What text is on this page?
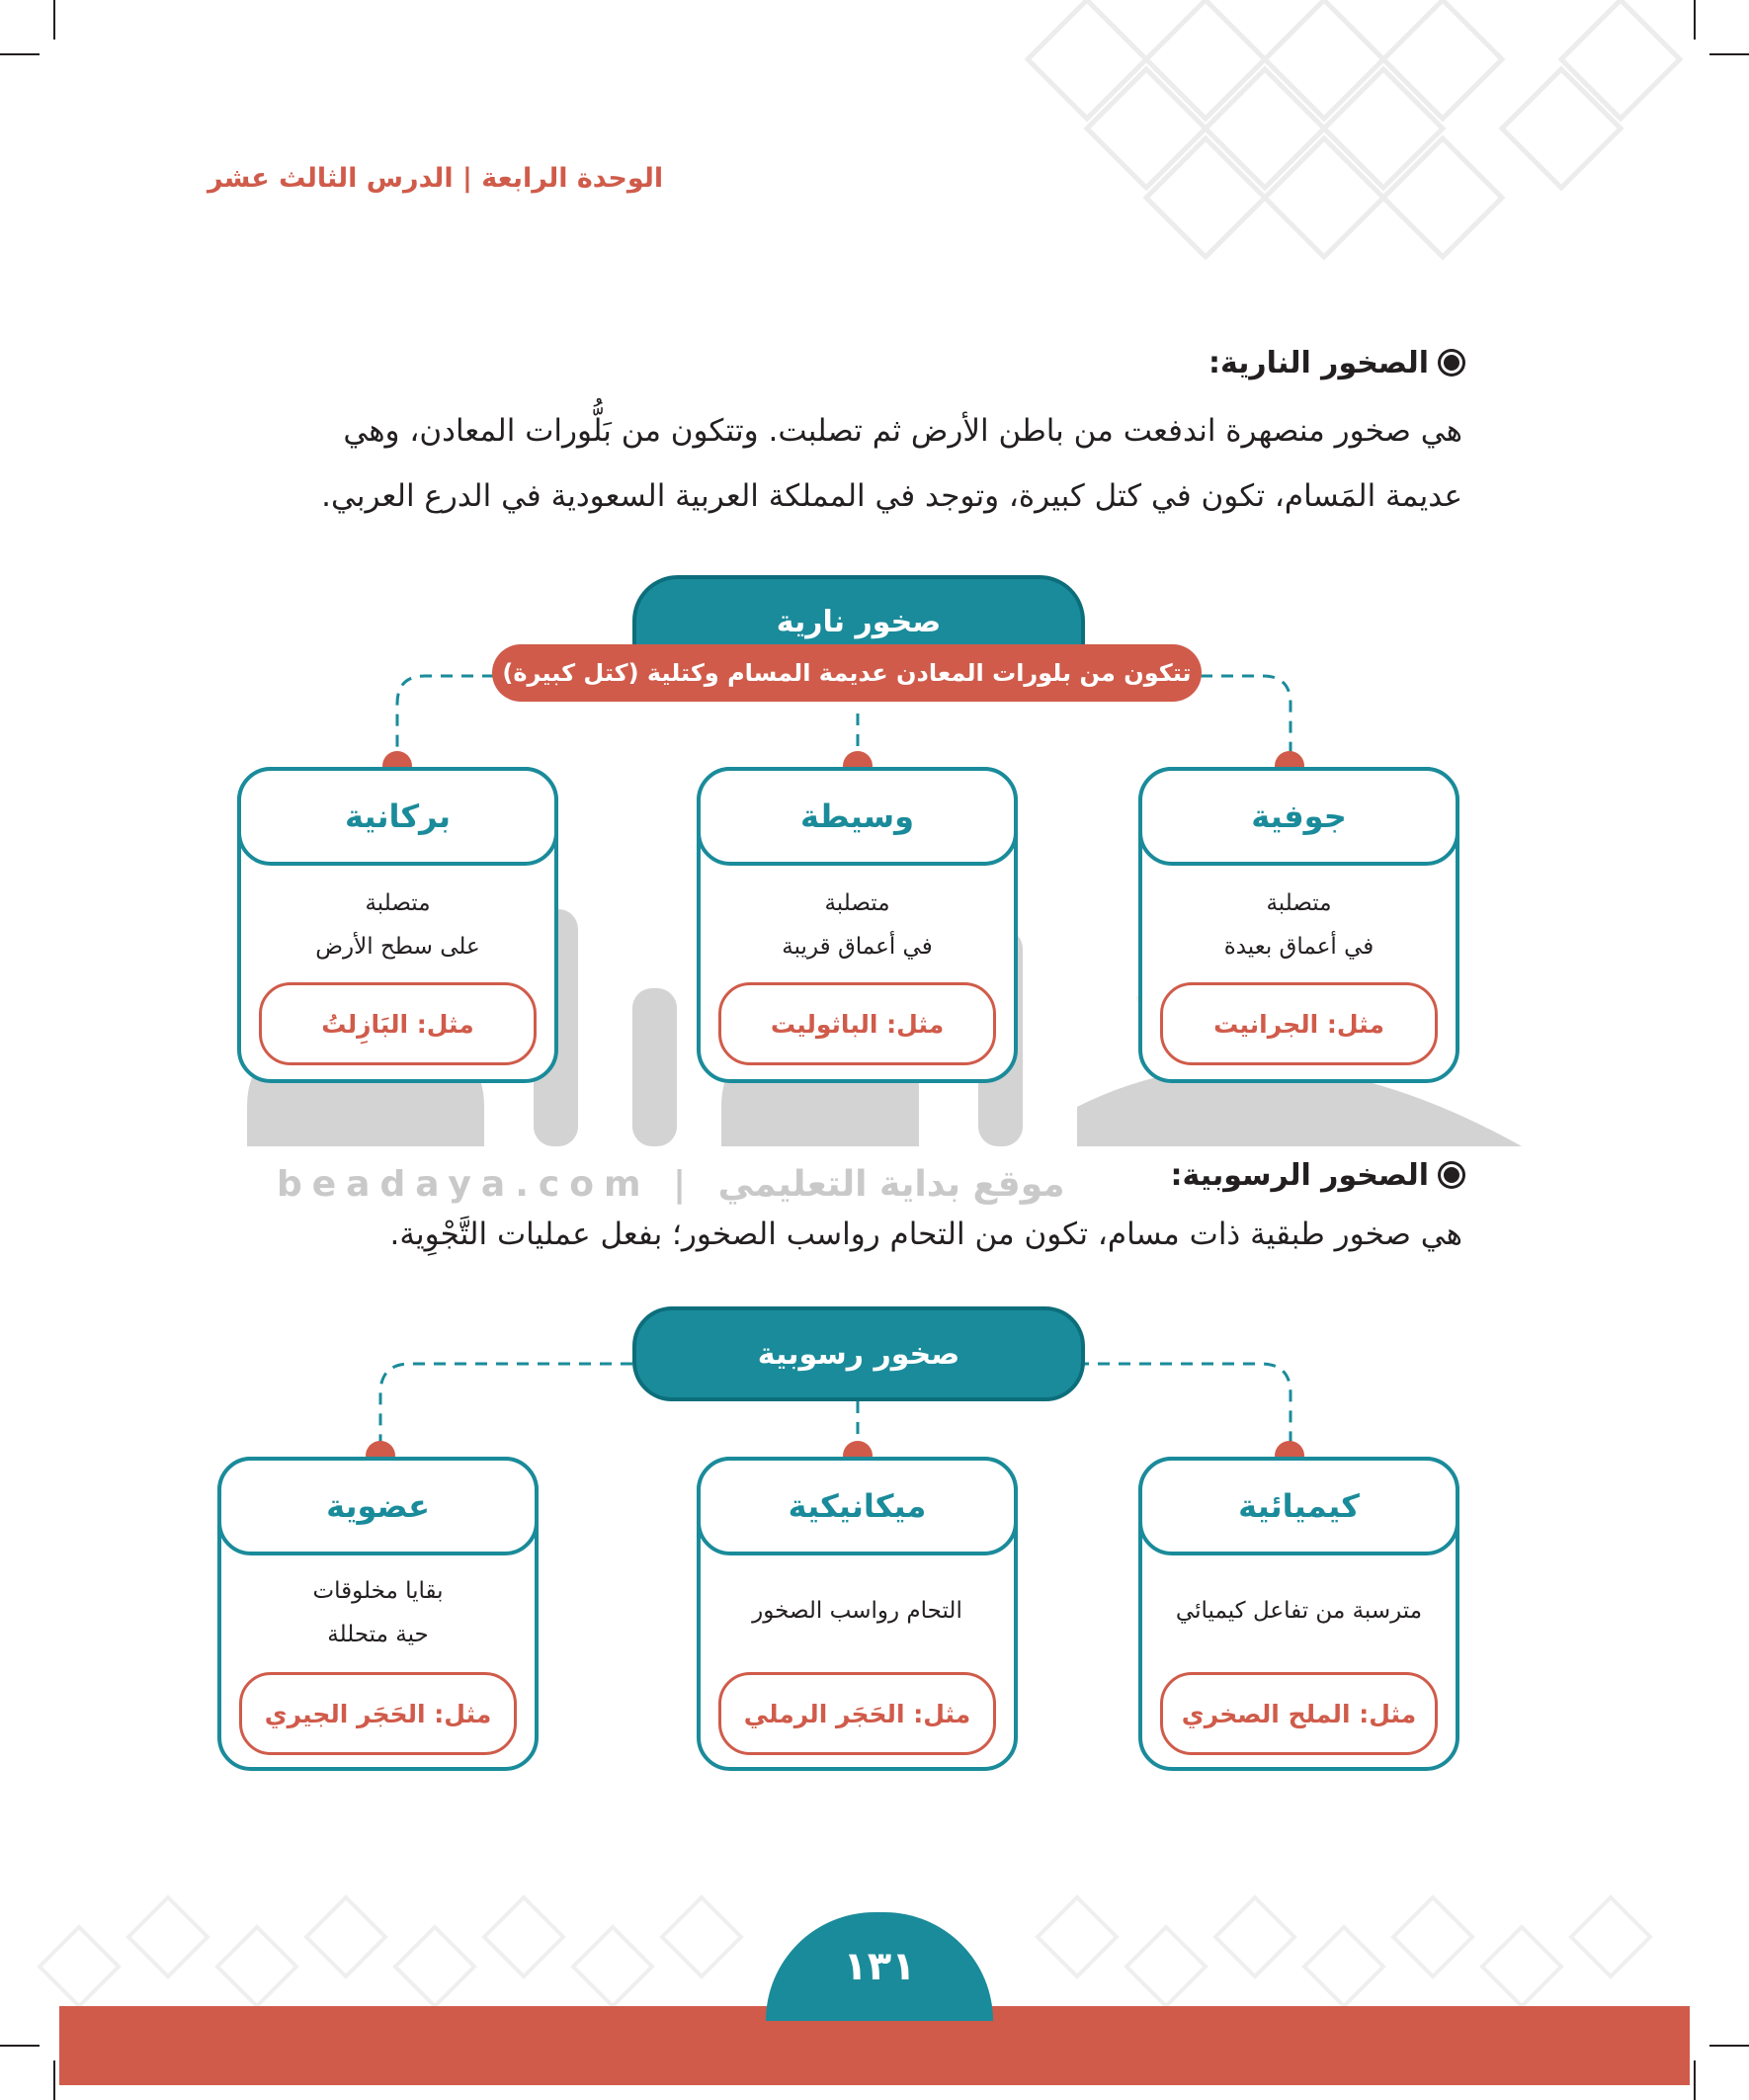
الوحدة الرابعة | الدرس الثالث عشر
الصخور النارية:
هي صخور منصهرة اندفعت من باطن الأرض ثم تصلبت. وتتكون من بَلُّورات المعادن، وهي
عديمة المَسام، تكون في كتل كبيرة، وتوجد في المملكة العربية السعودية في الدرع العربي.
صخور نارية
تتكون من بلورات المعادن عديمة المسام وكتلية (كتل كبيرة)
جوفية
متصلبة
في أعماق بعيدة
مثل: الجرانيت
وسيطة
متصلبة
في أعماق قريبة
مثل: الباثوليت
بركانية
متصلبة
على سطح الأرض
مثل: البَازِلتُ
beadaya.com | موقع بداية التعليمي	الصخور الرسوبية:
هي صخور طبقية ذات مسام، تكون من التحام رواسب الصخور؛ بفعل عمليات التَّجْوِية.
صخور رسوبية
كيميائية
مترسبة من تفاعل كيميائي
مثل: الملح الصخري
ميكانيكية
التحام رواسب الصخور
مثل: الحَجَر الرملي
عضوية
بقايا مخلوقات
حية متحللة
مثل: الحَجَر الجيري
١٣١
